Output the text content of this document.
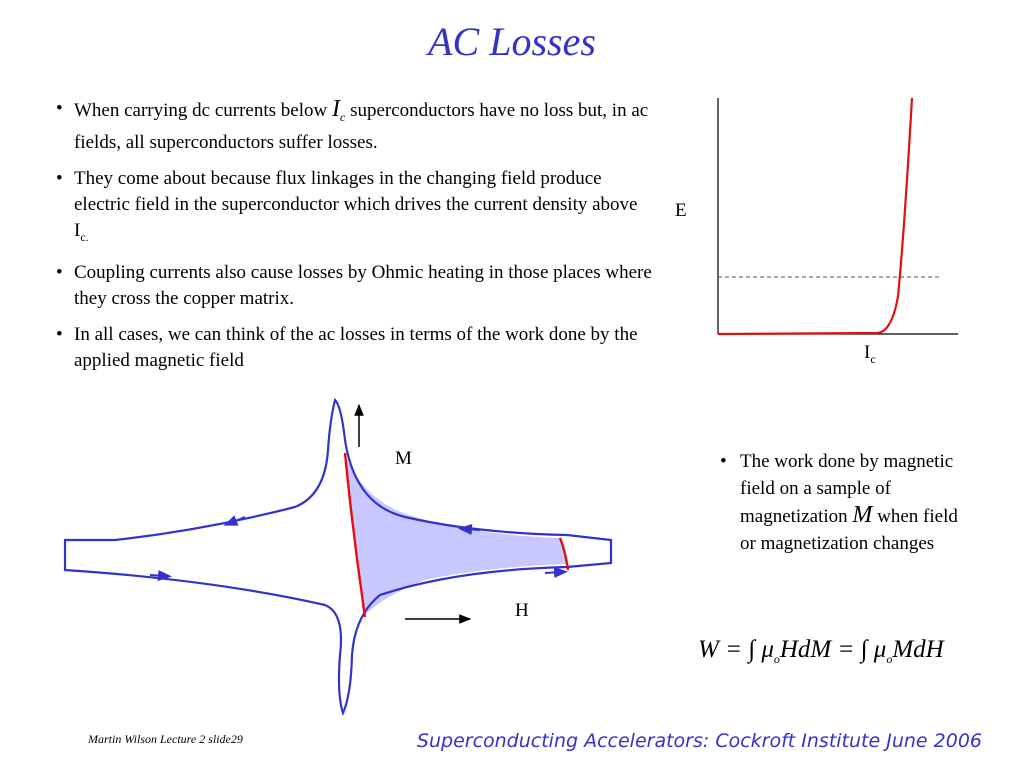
AC Losses
• When carrying dc currents below $I_c$ superconductors have no loss but, in ac fields, all superconductors suffer losses.
• They come about because flux linkages in the changing field produce electric field in the superconductor which drives the current density above $I_{c.}$
• Coupling currents also cause losses by Ohmic heating in those places where they cross the copper matrix.
• In all cases, we can think of the ac losses in terms of the work done by the applied magnetic field
E
$I_c$
M
H
• The work done by magnetic field on a sample of magnetization M when field or magnetization changes
W = ∫ $\mu_oHdM$ = ∫ $\mu_oMdH$
Martin Wilson Lecture 2 slide29	Superconducting Accelerators: Cockroft Institute June 2006
